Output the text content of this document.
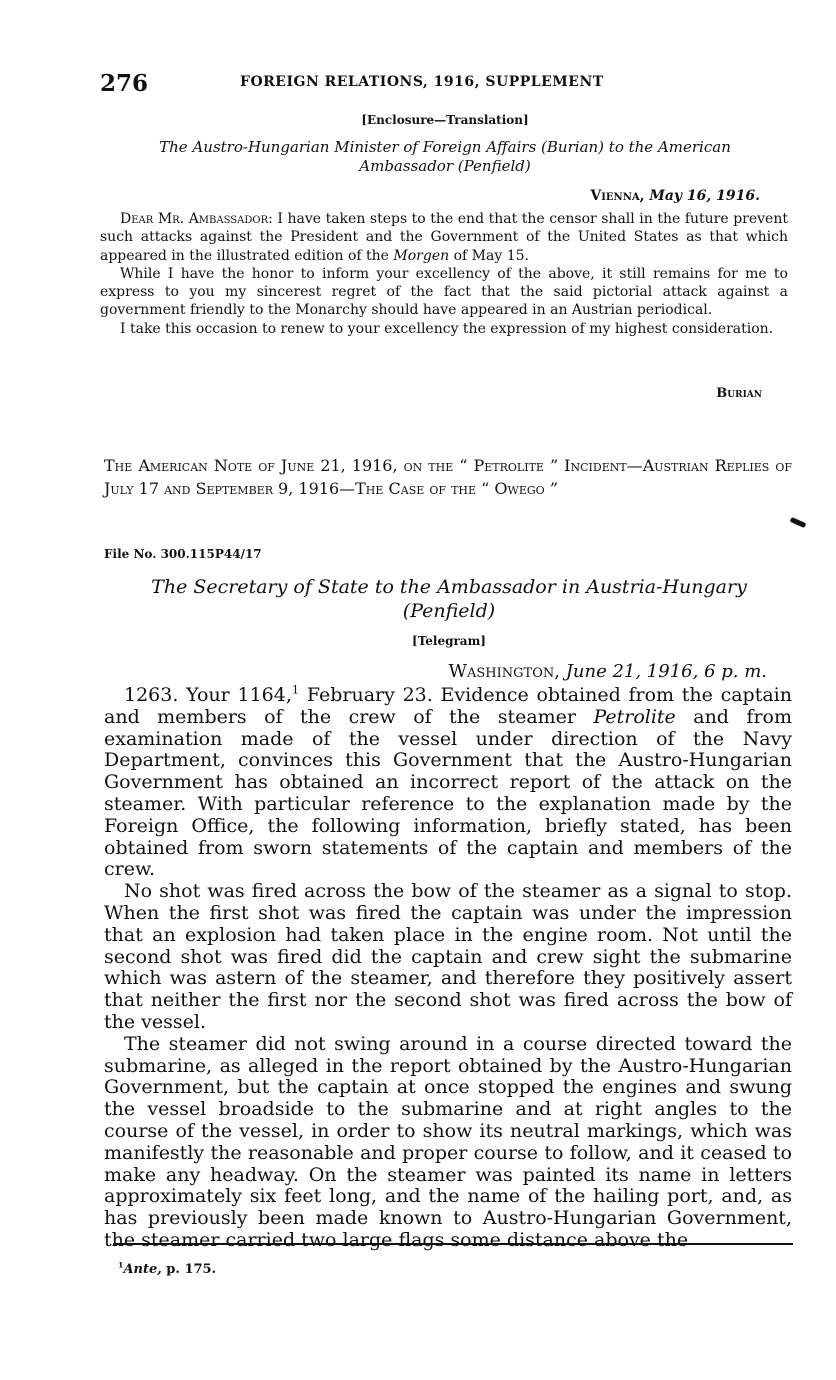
276	FOREIGN RELATIONS, 1916, SUPPLEMENT
[Enclosure—Translation]
The Austro-Hungarian Minister of Foreign Affairs (Burian) to the American
Ambassador (Penfield)
Vienna, May 16, 1916.

Dear Mr. Ambassador: I have taken steps to the end that the censor shall in the future prevent such attacks against the President and the Government of the United States as that which appeared in the illustrated edition of the Morgen of May 15.

While I have the honor to inform your excellency of the above, it still remains for me to express to you my sincerest regret of the fact that the said pictorial attack against a government friendly to the Monarchy should have appeared in an Austrian periodical.

I take this occasion to renew to your excellency the expression of my highest consideration.

Burian
The American Note of June 21, 1916, on the “ Petrolite ” Incident—Austrian Replies of July 17 and September 9, 1916—The Case of the “ Owego ”
File No. 300.115P44/17
The Secretary of State to the Ambassador in Austria-Hungary
(Penfield)
[Telegram]
Washington, June 21, 1916, 6 p. m.

1263. Your 1164,$^1$ February 23. Evidence obtained from the captain and members of the crew of the steamer Petrolite and from examination made of the vessel under direction of the Navy Department, convinces this Government that the Austro-Hungarian Government has obtained an incorrect report of the attack on the steamer. With particular reference to the explanation made by the Foreign Office, the following information, briefly stated, has been obtained from sworn statements of the captain and members of the crew.

No shot was fired across the bow of the steamer as a signal to stop. When the first shot was fired the captain was under the impression that an explosion had taken place in the engine room. Not until the second shot was fired did the captain and crew sight the submarine which was astern of the steamer, and therefore they positively assert that neither the first nor the second shot was fired across the bow of the vessel.

The steamer did not swing around in a course directed toward the submarine, as alleged in the report obtained by the Austro-Hungarian Government, but the captain at once stopped the engines and swung the vessel broadside to the submarine and at right angles to the course of the vessel, in order to show its neutral markings, which was manifestly the reasonable and proper course to follow, and it ceased to make any headway. On the steamer was painted its name in letters approximately six feet long, and the name of the hailing port, and, as has previously been made known to Austro-Hungarian Government, the steamer carried two large flags some distance above the

$^1$Ante, p. 175.
